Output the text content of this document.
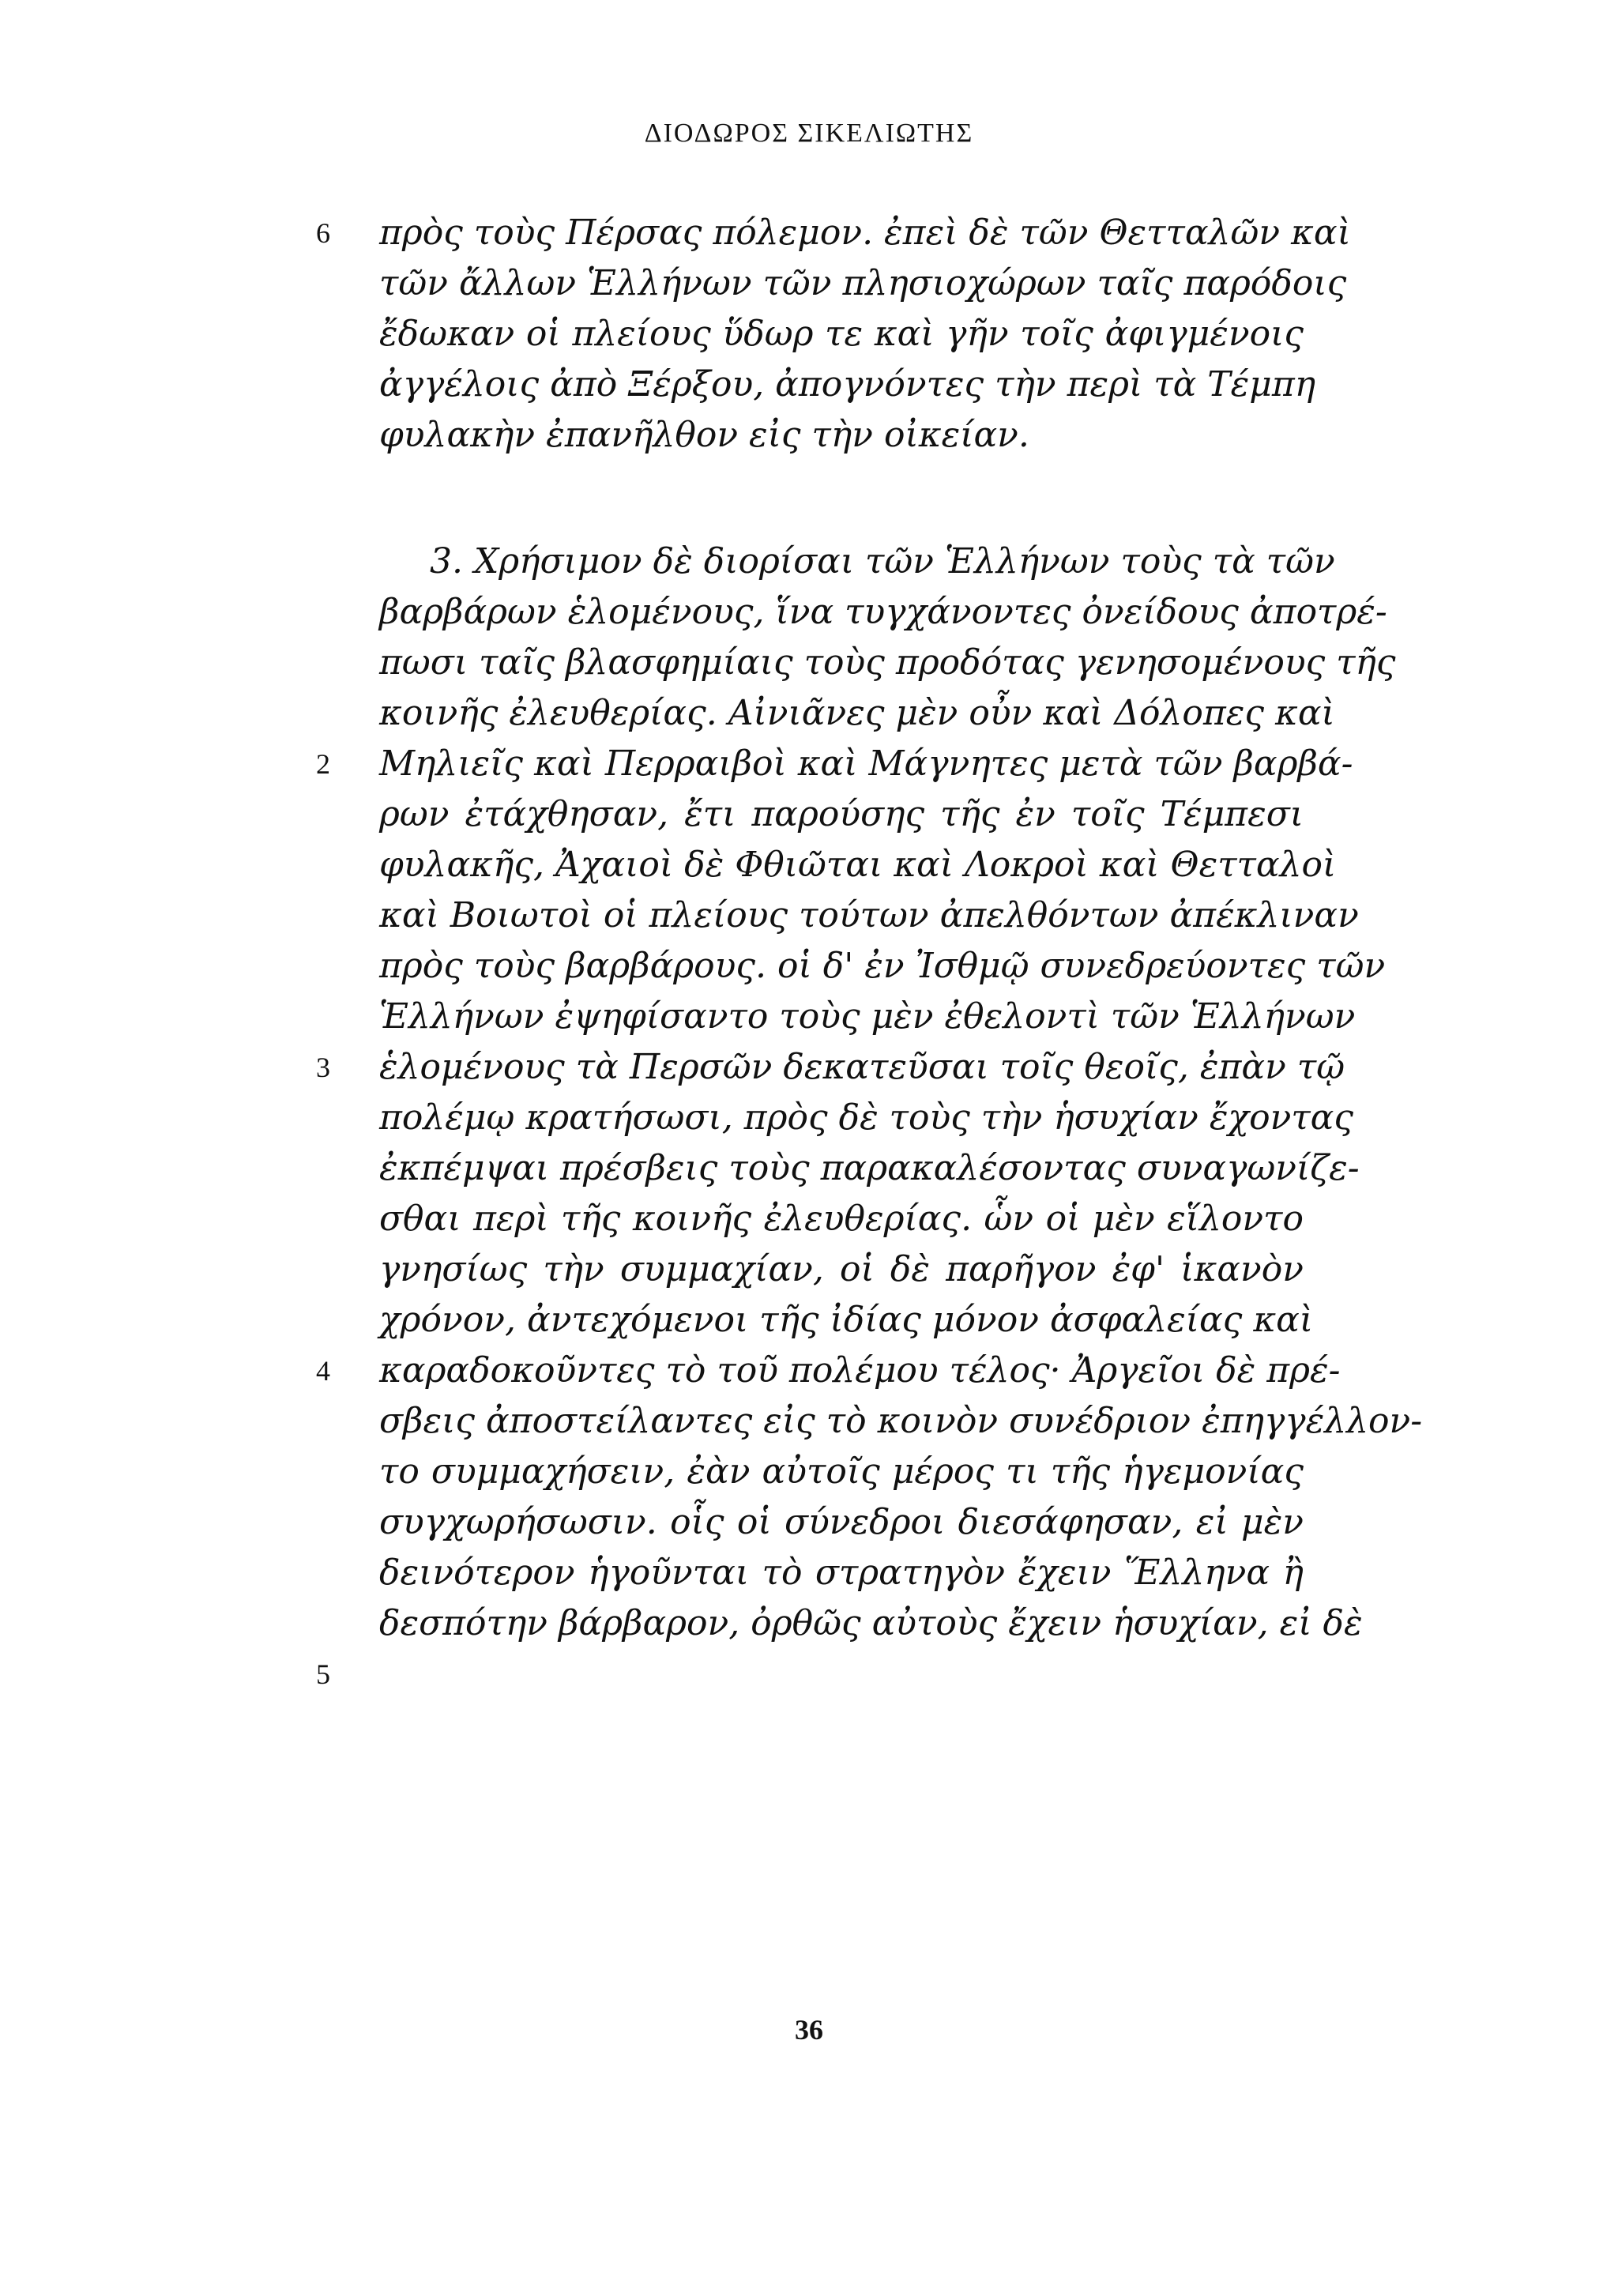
ΔΙΟΔΩΡΟΣ ΣΙΚΕΛΙΩΤΗΣ
6
2
3
4
5
πρὸς τοὺς Πέρσας πόλεμον. ἐπεὶ δὲ τῶν Θετταλῶν καὶ
τῶν ἄλλων Ἑλλήνων τῶν πλησιοχώρων ταῖς παρόδοις
ἔδωκαν οἱ πλείους ὕδωρ τε καὶ γῆν τοῖς ἀφιγμένοις
ἀγγέλοις ἀπὸ Ξέρξου, ἀπογνόντες τὴν περὶ τὰ Τέμπη
φυλακὴν ἐπανῆλθον εἰς τὴν οἰκείαν.
3. Χρήσιμον δὲ διορίσαι τῶν Ἑλλήνων τοὺς τὰ τῶν
βαρβάρων ἑλομένους, ἵνα τυγχάνοντες ὀνείδους ἀποτρέ-
πωσι ταῖς βλασφημίαις τοὺς προδότας γενησομένους τῆς
κοινῆς ἐλευθερίας. Αἰνιᾶνες μὲν οὖν καὶ Δόλοπες καὶ
Μηλιεῖς καὶ Περραιβοὶ καὶ Μάγνητες μετὰ τῶν βαρβά-
ρων ἐτάχθησαν, ἔτι παρούσης τῆς ἐν τοῖς Τέμπεσι
φυλακῆς, Ἀχαιοὶ δὲ Φθιῶται καὶ Λοκροὶ καὶ Θετταλοὶ
καὶ Βοιωτοὶ οἱ πλείους τούτων ἀπελθόντων ἀπέκλιναν
πρὸς τοὺς βαρβάρους. οἱ δ' ἐν Ἰσθμῷ συνεδρεύοντες τῶν
Ἑλλήνων ἐψηφίσαντο τοὺς μὲν ἐθελοντὶ τῶν Ἑλλήνων
ἑλομένους τὰ Περσῶν δεκατεῦσαι τοῖς θεοῖς, ἐπὰν τῷ
πολέμῳ κρατήσωσι, πρὸς δὲ τοὺς τὴν ἡσυχίαν ἔχοντας
ἐκπέμψαι πρέσβεις τοὺς παρακαλέσοντας συναγωνίζε-
σθαι περὶ τῆς κοινῆς ἐλευθερίας. ὧν οἱ μὲν εἵλοντο
γνησίως τὴν συμμαχίαν, οἱ δὲ παρῆγον ἐφ' ἱκανὸν
χρόνον, ἀντεχόμενοι τῆς ἰδίας μόνον ἀσφαλείας καὶ
καραδοκοῦντες τὸ τοῦ πολέμου τέλος· Ἀργεῖοι δὲ πρέ-
σβεις ἀποστείλαντες εἰς τὸ κοινὸν συνέδριον ἐπηγγέλλον-
το συμμαχήσειν, ἐὰν αὐτοῖς μέρος τι τῆς ἡγεμονίας
συγχωρήσωσιν. οἷς οἱ σύνεδροι διεσάφησαν, εἰ μὲν
δεινότερον ἡγοῦνται τὸ στρατηγὸν ἔχειν Ἕλληνα ἢ
δεσπότην βάρβαρον, ὀρθῶς αὐτοὺς ἔχειν ἡσυχίαν, εἰ δὲ
36
